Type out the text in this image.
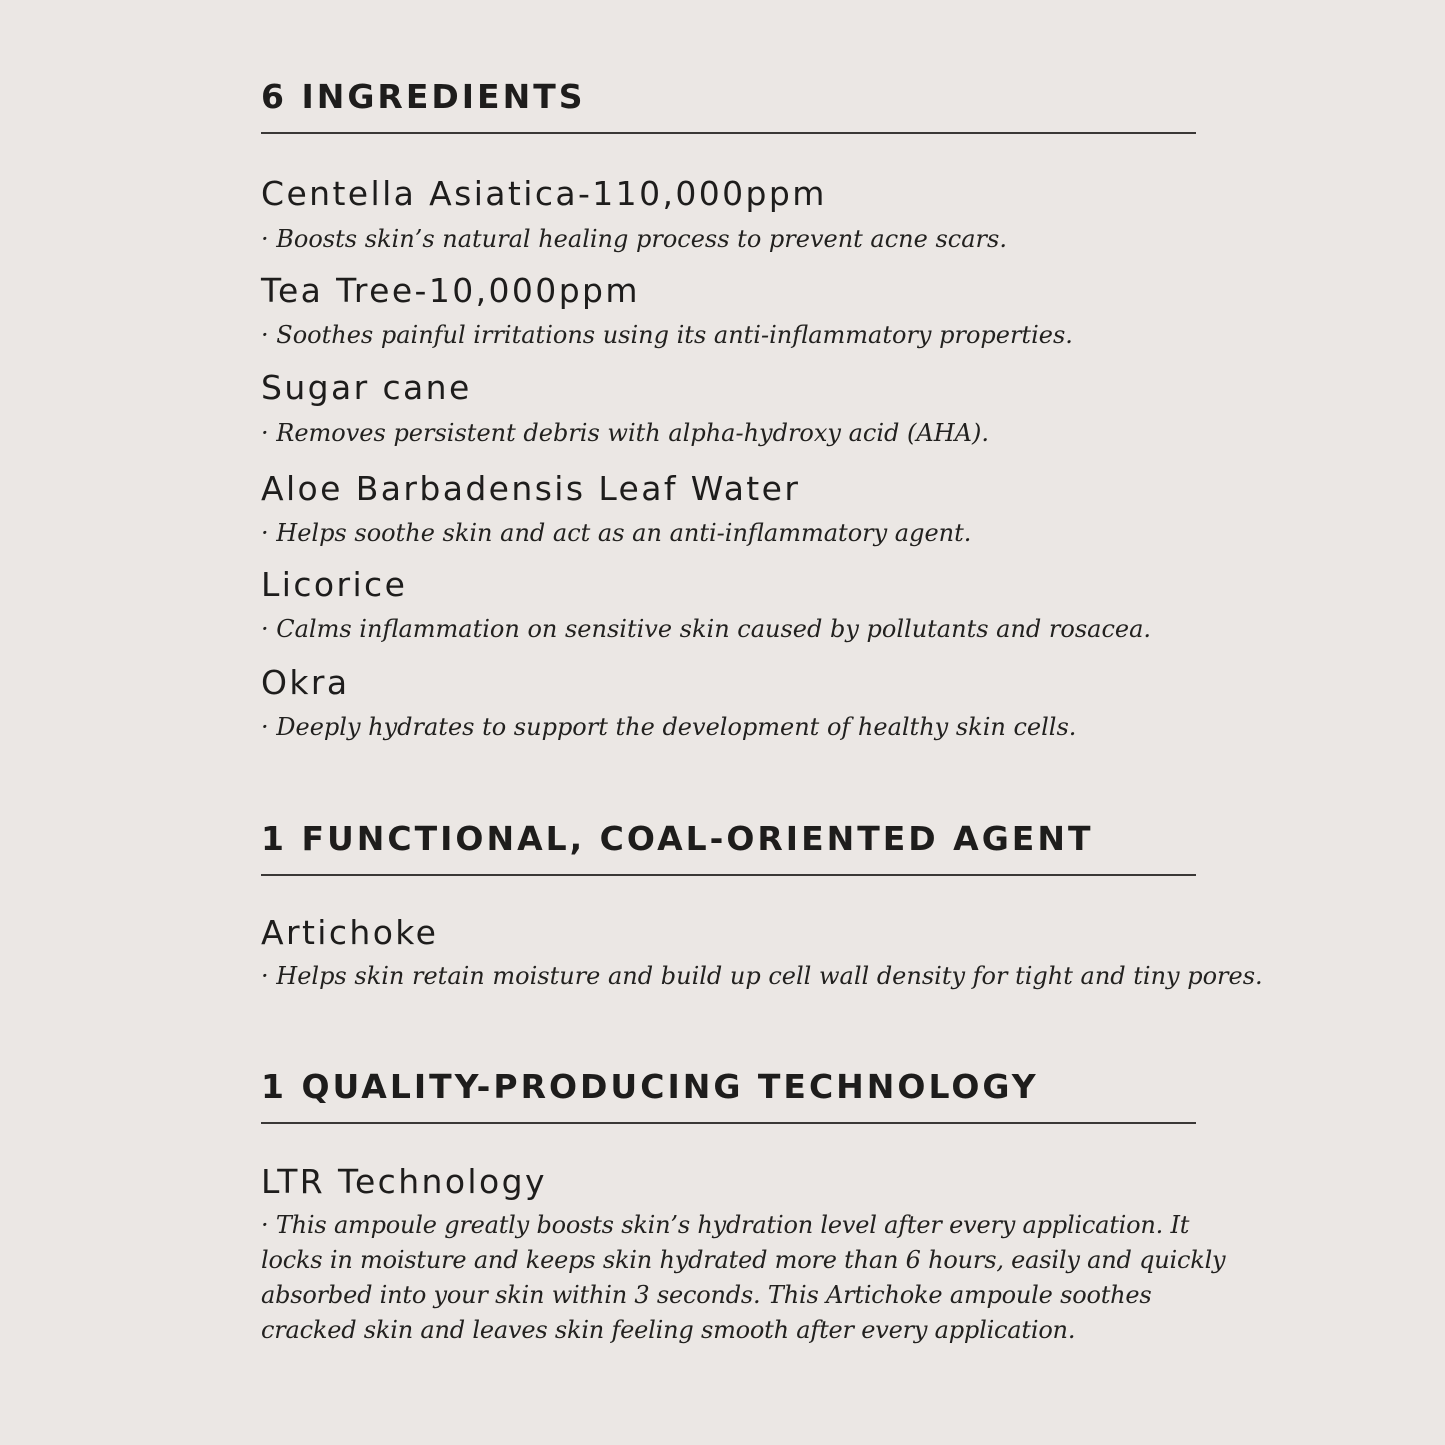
6 INGREDIENTS
Centella Asiatica-110,000ppm
· Boosts skin’s natural healing process to prevent acne scars.
Tea Tree-10,000ppm
· Soothes painful irritations using its anti-inflammatory properties.
Sugar cane
· Removes persistent debris with alpha-hydroxy acid (AHA).
Aloe Barbadensis Leaf Water
· Helps soothe skin and act as an anti-inflammatory agent.
Licorice
· Calms inflammation on sensitive skin caused by pollutants and rosacea.
Okra
· Deeply hydrates to support the development of healthy skin cells.
1 FUNCTIONAL, COAL-ORIENTED AGENT
Artichoke
· Helps skin retain moisture and build up cell wall density for tight and tiny pores.
1 QUALITY-PRODUCING TECHNOLOGY
LTR Technology
· This ampoule greatly boosts skin’s hydration level after every application. It locks in moisture and keeps skin hydrated more than 6 hours, easily and quickly absorbed into your skin within 3 seconds. This Artichoke ampoule soothes cracked skin and leaves skin feeling smooth after every application.
